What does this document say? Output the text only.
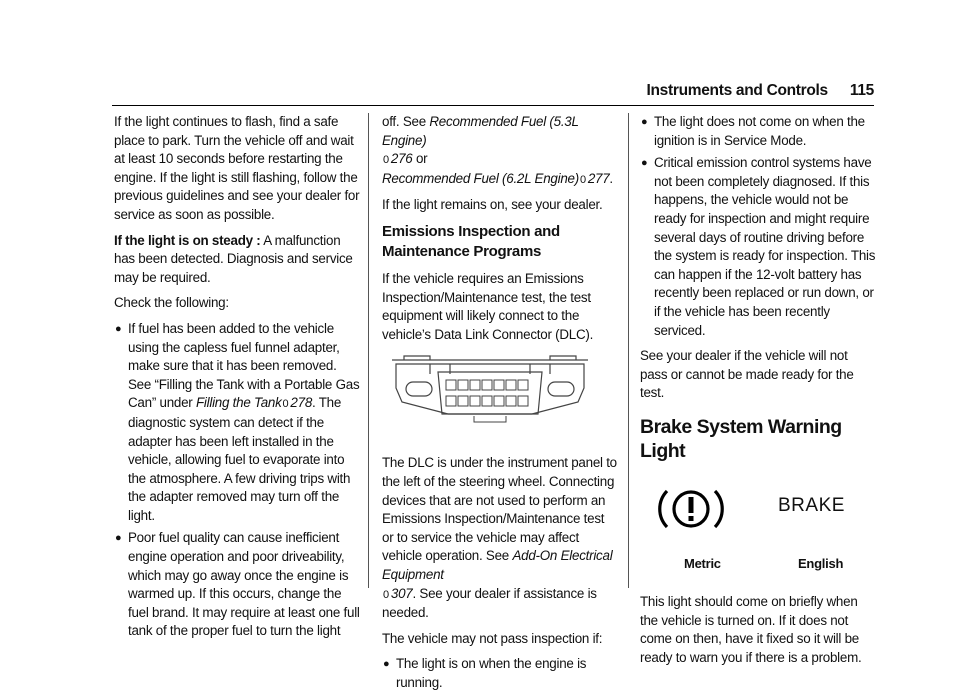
Instruments and Controls 115

If the light continues to flash, find a safe place to park. Turn the vehicle off and wait at least 10 seconds before restarting the engine. If the light is still flashing, follow the previous guidelines and see your dealer for service as soon as possible.

If the light is on steady : A malfunction has been detected. Diagnosis and service may be required.

Check the following:

● If fuel has been added to the vehicle using the capless fuel funnel adapter, make sure that it has been removed. See “Filling the Tank with a Portable Gas Can” under Filling the Tank0 278. The diagnostic system can detect if the adapter has been left installed in the vehicle, allowing fuel to evaporate into the atmosphere. A few driving trips with the adapter removed may turn off the light.
● Poor fuel quality can cause inefficient engine operation and poor driveability, which may go away once the engine is warmed up. If this occurs, change the fuel brand. It may require at least one full tank of the proper fuel to turn the light

off. See Recommended Fuel (5.3L Engine)
0 276 or
Recommended Fuel (6.2L Engine)0 277.

If the light remains on, see your dealer.

Emissions Inspection and Maintenance Programs

If the vehicle requires an Emissions Inspection/Maintenance test, the test equipment will likely connect to the vehicle’s Data Link Connector (DLC).

The DLC is under the instrument panel to the left of the steering wheel. Connecting devices that are not used to perform an Emissions Inspection/Maintenance test or to service the vehicle may affect vehicle operation. See Add-On Electrical Equipment
0 307. See your dealer if assistance is needed.

The vehicle may not pass inspection if:

● The light is on when the engine is running.
● The light does not come on when the ignition is in Service Mode.
● Critical emission control systems have not been completely diagnosed. If this happens, the vehicle would not be ready for inspection and might require several days of routine driving before the system is ready for inspection. This can happen if the 12-volt battery has recently been replaced or run down, or if the vehicle has been recently serviced.

See your dealer if the vehicle will not pass or cannot be made ready for the test.

Brake System Warning Light
BRAKE
Metric	English

This light should come on briefly when the vehicle is turned on. If it does not come on then, have it fixed so it will be ready to warn you if there is a problem.
